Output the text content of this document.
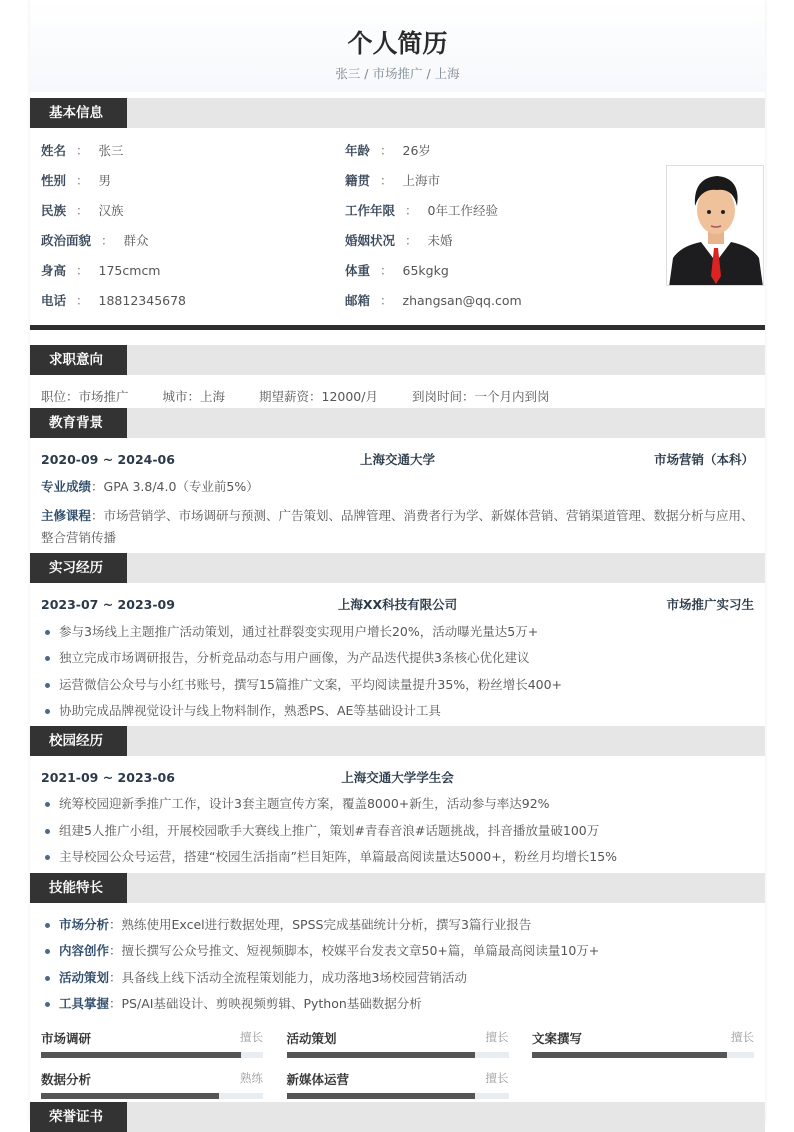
个人简历
张三 / 市场推广 / 上海
基本信息
姓名 ： 张三
性别 ： 男
民族 ： 汉族
政治面貌 ： 群众
身高 ： 175cmcm
电话 ： 18812345678
年龄 ： 26岁
籍贯 ： 上海市
工作年限 ： 0年工作经验
婚姻状况 ： 未婚
体重 ： 65kgkg
邮箱 ： zhangsan@qq.com
求职意向
职位：市场推广	城市：上海	期望薪资：12000/月	到岗时间：一个月内到岗
教育背景
2020-09 ~ 2024-06	上海交通大学	市场营销（本科）
专业成绩：GPA 3.8/4.0（专业前5%）
主修课程：市场营销学、市场调研与预测、广告策划、品牌管理、消费者行为学、新媒体营销、营销渠道管理、数据分析与应用、整合营销传播
实习经历
2023-07 ~ 2023-09	上海XX科技有限公司	市场推广实习生
参与3场线上主题推广活动策划，通过社群裂变实现用户增长20%，活动曝光量达5万+
独立完成市场调研报告，分析竞品动态与用户画像，为产品迭代提供3条核心优化建议
运营微信公众号与小红书账号，撰写15篇推广文案，平均阅读量提升35%，粉丝增长400+
协助完成品牌视觉设计与线上物料制作，熟悉PS、AE等基础设计工具
校园经历
2021-09 ~ 2023-06	上海交通大学学生会
统筹校园迎新季推广工作，设计3套主题宣传方案，覆盖8000+新生，活动参与率达92%
组建5人推广小组，开展校园歌手大赛线上推广，策划#青春音浪#话题挑战，抖音播放量破100万
主导校园公众号运营，搭建“校园生活指南”栏目矩阵，单篇最高阅读量达5000+，粉丝月均增长15%
技能特长
市场分析：熟练使用Excel进行数据处理，SPSS完成基础统计分析，撰写3篇行业报告
内容创作：擅长撰写公众号推文、短视频脚本，校媒平台发表文章50+篇，单篇最高阅读量10万+
活动策划：具备线上线下活动全流程策划能力，成功落地3场校园营销活动
工具掌握：PS/AI基础设计、剪映视频剪辑、Python基础数据分析
市场调研	擅长 活动策划	擅长 文案撰写	擅长
数据分析	熟练 新媒体运营	擅长
荣誉证书
